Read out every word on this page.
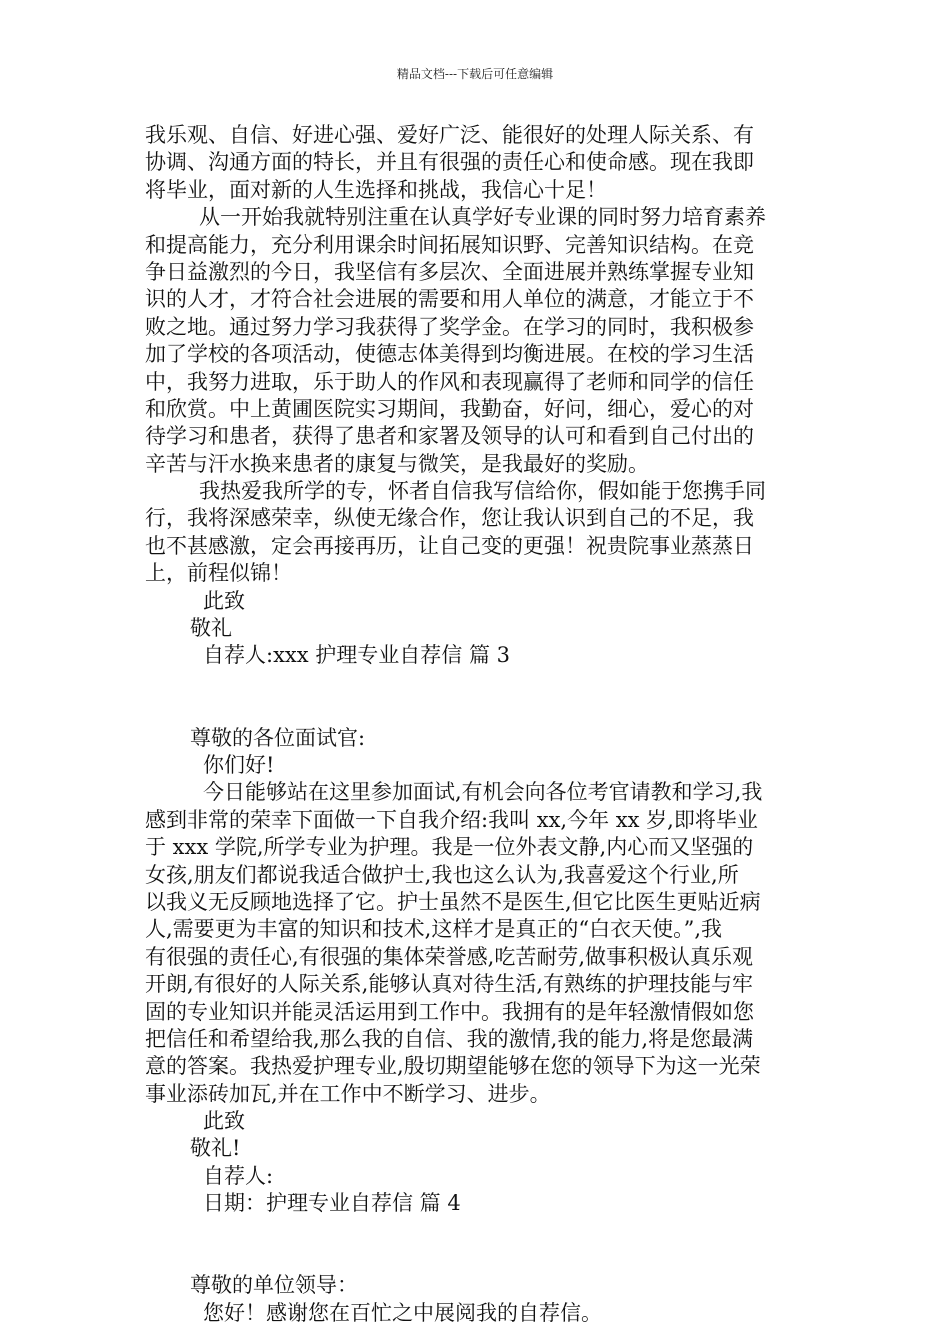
精品文档---下载后可任意编辑
我乐观、自信、好进心强、爱好广泛、能很好的处理人际关系、有
协调、沟通方面的特长，并且有很强的责任心和使命感。现在我即
将毕业，面对新的人生选择和挑战，我信心十足！
从一开始我就特别注重在认真学好专业课的同时努力培育素养
和提高能力，充分利用课余时间拓展知识野、完善知识结构。在竞
争日益激烈的今日，我坚信有多层次、全面进展并熟练掌握专业知
识的人才，才符合社会进展的需要和用人单位的满意，才能立于不
败之地。通过努力学习我获得了奖学金。在学习的同时，我积极参
加了学校的各项活动，使德志体美得到均衡进展。在校的学习生活
中，我努力进取，乐于助人的作风和表现赢得了老师和同学的信任
和欣赏。中上黄圃医院实习期间，我勤奋，好问，细心，爱心的对
待学习和患者，获得了患者和家署及领导的认可和看到自己付出的
辛苦与汗水换来患者的康复与微笑，是我最好的奖励。
我热爱我所学的专，怀者自信我写信给你，假如能于您携手同
行，我将深感荣幸，纵使无缘合作，您让我认识到自己的不足，我
也不甚感激，定会再接再历，让自己变的更强！祝贵院事业蒸蒸日
上，前程似锦！
此致
敬礼
自荐人:xxx 护理专业自荐信 篇 3
尊敬的各位面试官:
你们好!
今日能够站在这里参加面试,有机会向各位考官请教和学习,我
感到非常的荣幸下面做一下自我介绍:我叫 xx,今年 xx 岁,即将毕业
于 xxx 学院,所学专业为护理。我是一位外表文静,内心而又坚强的
女孩,朋友们都说我适合做护士,我也这么认为,我喜爱这个行业,所
以我义无反顾地选择了它。护士虽然不是医生,但它比医生更贴近病
人,需要更为丰富的知识和技术,这样才是真正的“白衣天使。”,我
有很强的责任心,有很强的集体荣誉感,吃苦耐劳,做事积极认真乐观
开朗,有很好的人际关系,能够认真对待生活,有熟练的护理技能与牢
固的专业知识并能灵活运用到工作中。我拥有的是年轻激情假如您
把信任和希望给我,那么我的自信、我的激情,我的能力,将是您最满
意的答案。我热爱护理专业,殷切期望能够在您的领导下为这一光荣
事业添砖加瓦,并在工作中不断学习、进步。
此致
敬礼!
自荐人:
日期：护理专业自荐信 篇 4
尊敬的单位领导：
您好！感谢您在百忙之中展阅我的自荐信。
